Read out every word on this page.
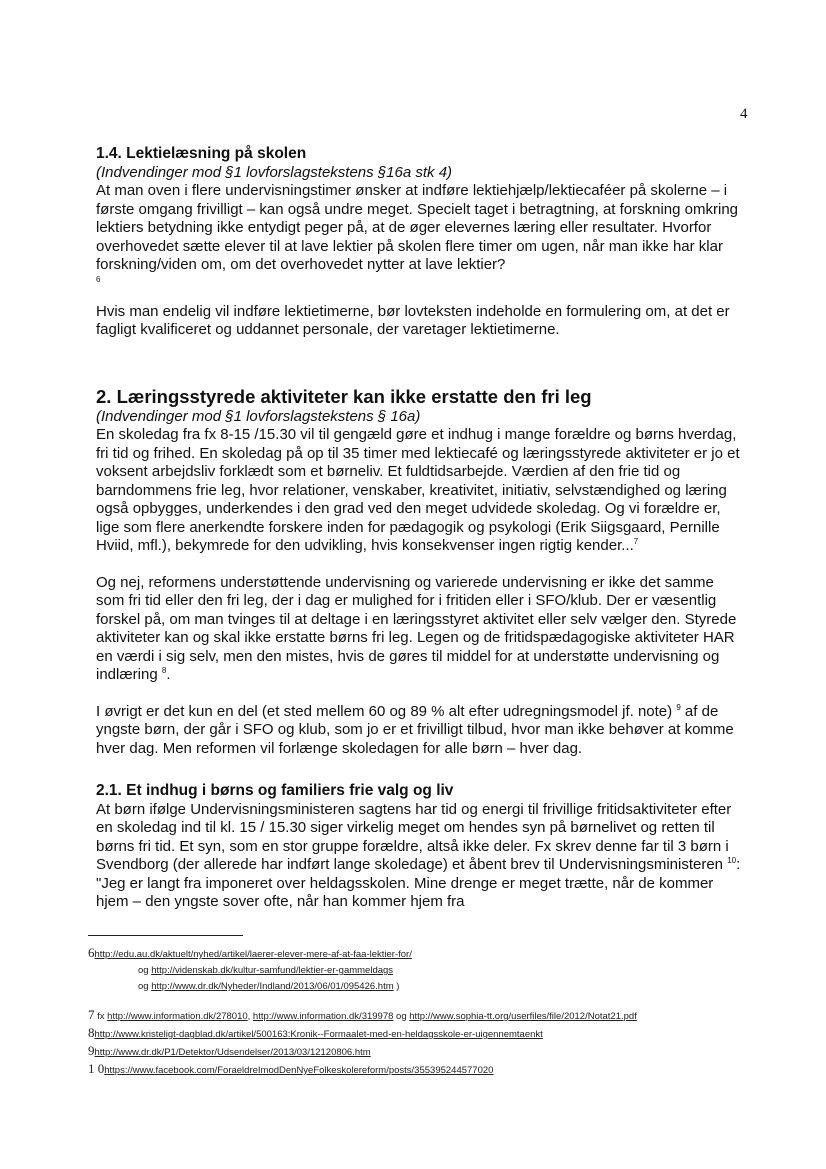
4

1.4. Lektielæsning på skolen

(Indvendinger mod §1 lovforslagstekstens §16a stk 4)

At man oven i flere undervisningstimer ønsker at indføre lektiehjælp/lektiecaféer på skolerne – i første omgang frivilligt – kan også undre meget. Specielt taget i betragtning, at forskning omkring lektiers betydning ikke entydigt peger på, at de øger elevernes læring eller resultater. Hvorfor overhovedet sætte elever til at lave lektier på skolen flere timer om ugen, når man ikke har klar forskning/viden om, om det overhovedet nytter at lave lektier?

6

Hvis man endelig vil indføre lektietimerne, bør lovteksten indeholde en formulering om, at det er fagligt kvalificeret og uddannet personale, der varetager lektietimerne.

2. Læringsstyrede aktiviteter kan ikke erstatte den fri leg

(Indvendinger mod §1 lovforslagstekstens § 16a)

En skoledag fra fx 8-15 /15.30 vil til gengæld gøre et indhug i mange forældre og børns hverdag, fri tid og frihed. En skoledag på op til 35 timer med lektiecafé og læringsstyrede aktiviteter er jo et voksent arbejdsliv forklædt som et børneliv. Et fuldtidsarbejde. Værdien af den frie tid og barndommens frie leg, hvor relationer, venskaber, kreativitet, initiativ, selvstændighed og læring også opbygges, underkendes i den grad ved den meget udvidede skoledag. Og vi forældre er, lige som flere anerkendte forskere inden for pædagogik og psykologi (Erik Siigsgaard, Pernille Hviid, mfl.), bekymrede for den udvikling, hvis konsekvenser ingen rigtig kender...$^7$

Og nej, reformens understøttende undervisning og varierede undervisning er ikke det samme som fri tid eller den fri leg, der i dag er mulighed for i fritiden eller i SFO/klub. Der er væsentlig forskel på, om man tvinges til at deltage i en læringsstyret aktivitet eller selv vælger den. Styrede aktiviteter kan og skal ikke erstatte børns fri leg. Legen og de fritidspædagogiske aktiviteter HAR en værdi i sig selv, men den mistes, hvis de gøres til middel for at understøtte undervisning og indlæring $^8$.

I øvrigt er det kun en del (et sted mellem 60 og 89 % alt efter udregningsmodel jf. note) $^9$ af de yngste børn, der går i SFO og klub, som jo er et frivilligt tilbud, hvor man ikke behøver at komme hver dag. Men reformen vil forlænge skoledagen for alle børn – hver dag.

2.1. Et indhug i børns og familiers frie valg og liv

At børn ifølge Undervisningsministeren sagtens har tid og energi til frivillige fritidsaktiviteter efter en skoledag ind til kl. 15 / 15.30 siger virkelig meget om hendes syn på børnelivet og retten til børns fri tid. Et syn, som en stor gruppe forældre, altså ikke deler. Fx skrev denne far til 3 børn i Svendborg (der allerede har indført lange skoledage) et åbent brev til Undervisningsministeren $^{10}$: "Jeg er langt fra imponeret over heldagsskolen. Mine drenge er meget trætte, når de kommer hjem – den yngste sover ofte, når han kommer hjem fra

6http://edu.au.dk/aktuelt/nyhed/artikel/laerer-elever-mere-af-at-faa-lektier-for/
og http://videnskab.dk/kultur-samfund/lektier-er-gammeldags
og http://www.dr.dk/Nyheder/Indland/2013/06/01/095426.htm )
7 fx http://www.information.dk/278010, http://www.information.dk/319978 og http://www.sophia-tt.org/userfiles/file/2012/Notat21.pdf
8http://www.kristeligt-dagblad.dk/artikel/500163:Kronik--Formaalet-med-en-heldagsskole-er-uigennemtaenkt
9http://www.dr.dk/P1/Detektor/Udsendelser/2013/03/12120806.htm
1 0https://www.facebook.com/ForaeldreImodDenNyeFolkeskolereform/posts/355395244577020
